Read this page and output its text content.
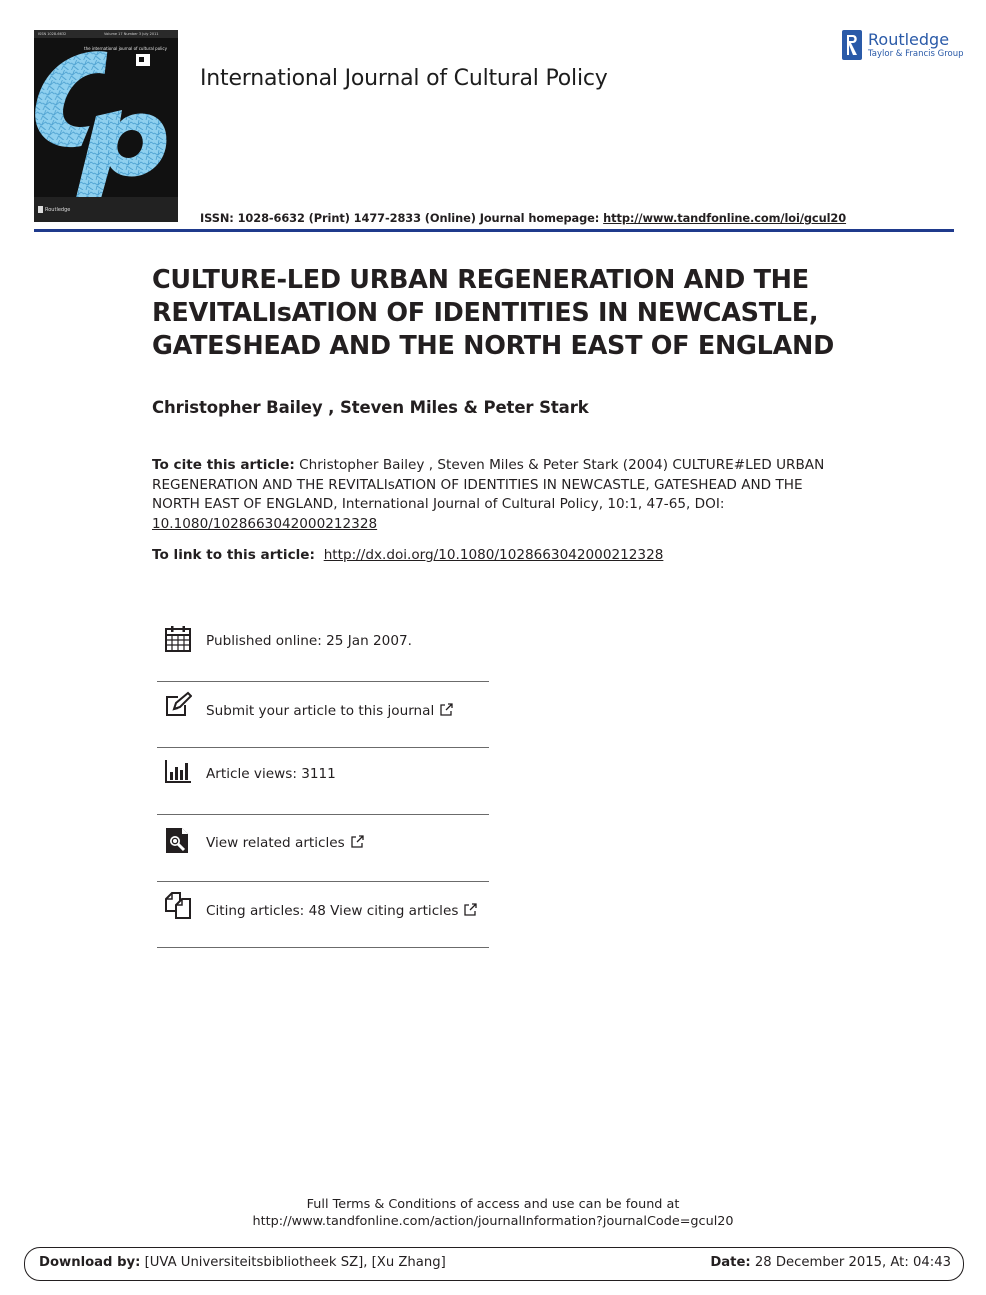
ISSN 1028-6632	Volume 17 Number 3 July 2011
the international journal of cultural policy
Routledge
International Journal of Cultural Policy
Routledge
Taylor & Francis Group
ISSN: 1028-6632 (Print) 1477-2833 (Online) Journal homepage: http://www.tandfonline.com/loi/gcul20
CULTURE-LED URBAN REGENERATION AND THE
REVITALIsATION OF IDENTITIES IN NEWCASTLE,
GATESHEAD AND THE NORTH EAST OF ENGLAND
Christopher Bailey , Steven Miles & Peter Stark
To cite this article: Christopher Bailey , Steven Miles & Peter Stark (2004) CULTURE#LED URBAN REGENERATION AND THE REVITALIsATION OF IDENTITIES IN NEWCASTLE, GATESHEAD AND THE NORTH EAST OF ENGLAND, International Journal of Cultural Policy, 10:1, 47-65, DOI: 10.1080/1028663042000212328
To link to this article: http://dx.doi.org/10.1080/1028663042000212328
Published online: 25 Jan 2007.
Submit your article to this journal
Article views: 3111
View related articles
Citing articles: 48 View citing articles
Full Terms & Conditions of access and use can be found at
http://www.tandfonline.com/action/journalInformation?journalCode=gcul20
Download by: [UVA Universiteitsbibliotheek SZ], [Xu Zhang]	Date: 28 December 2015, At: 04:43
